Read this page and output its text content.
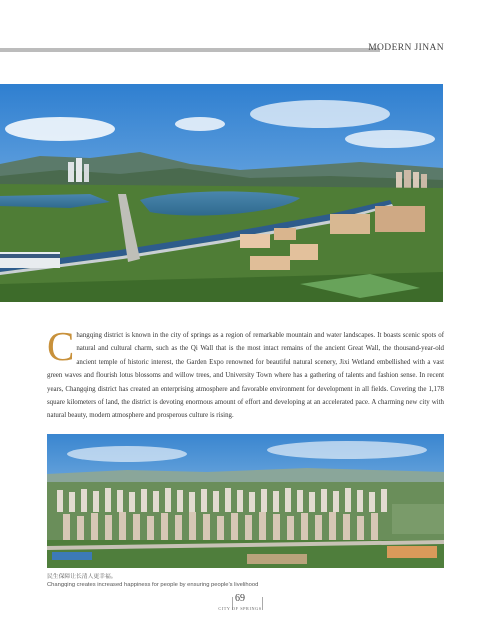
MODERN JINAN
Changqing district is known in the city of springs as a region of remarkable mountain and water landscapes. It boasts scenic spots of natural and cultural charm, such as the Qi Wall that is the most intact remains of the ancient Great Wall, the thousand-year-old ancient temple of historic interest, the Garden Expo renowned for beautiful natural scenery, Jixi Wetland embellished with a vast green waves and flourish lotus blossoms and willow trees, and University Town where has a gathering of talents and fashion sense. In recent years, Changqing district has created an enterprising atmosphere and favorable environment for development in all fields. Covering the 1,178 square kilometers of land, the district is devoting enormous amount of effort and developing at an accelerated pace. A charming new city with natural beauty, modern atmosphere and prosperous culture is rising.
民生保障让长清人更幸福。
Changqing creates increased happiness for people by ensuring people’s livelihood
69
CITY OF SPRINGS
